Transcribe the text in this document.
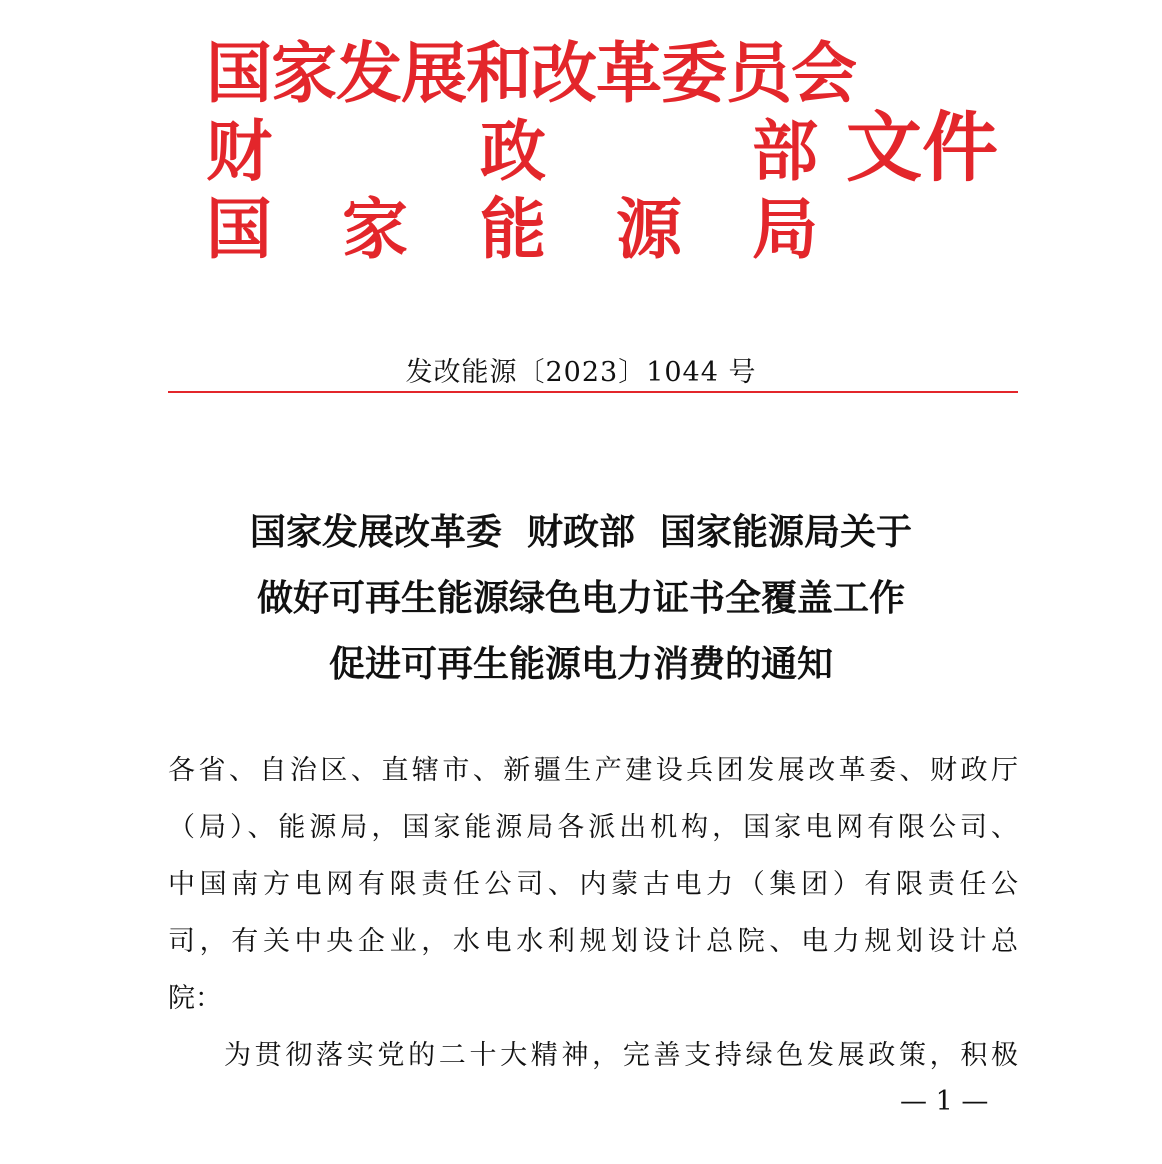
国家发展和改革委员会
财	政	部
国 家 能 源 局
文件
发改能源〔2023〕1044 号
国家发展改革委  财政部  国家能源局关于
做好可再生能源绿色电力证书全覆盖工作
促进可再生能源电力消费的通知
各省、自治区、直辖市、新疆生产建设兵团发展改革委、财政厅
（局）、能源局，国家能源局各派出机构，国家电网有限公司、
中国南方电网有限责任公司、内蒙古电力（集团）有限责任公
司，有关中央企业，水电水利规划设计总院、电力规划设计总
院：
为贯彻落实党的二十大精神，完善支持绿色发展政策，积极
— 1 —
